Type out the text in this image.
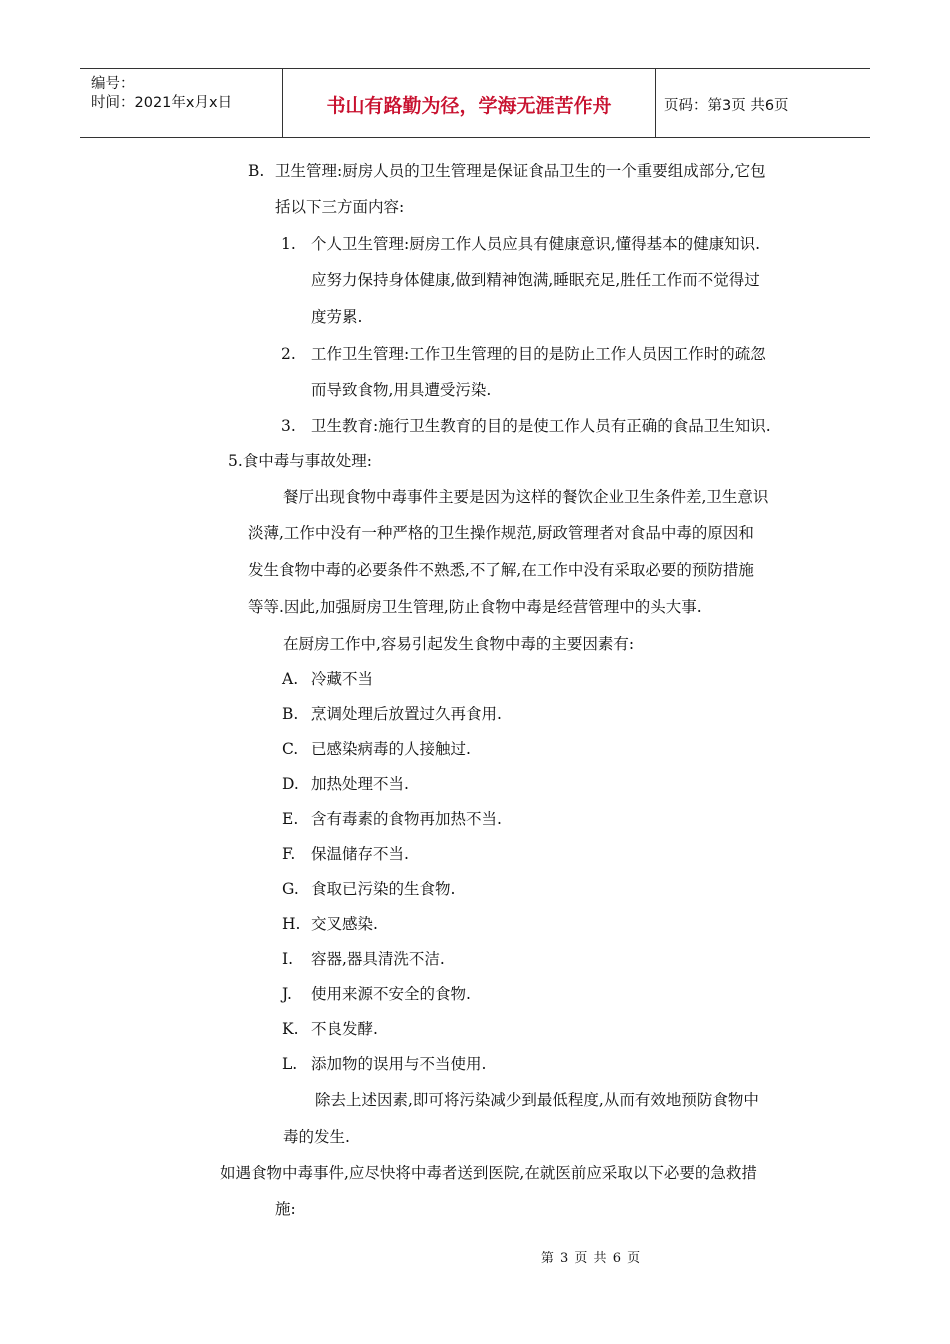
编号：
时间：2021年x月x日	书山有路勤为径，学海无涯苦作舟	页码：第3页 共6页
B. 卫生管理:厨房人员的卫生管理是保证食品卫生的一个重要组成部分,它包
括以下三方面内容:
1. 个人卫生管理:厨房工作人员应具有健康意识,懂得基本的健康知识.
应努力保持身体健康,做到精神饱满,睡眠充足,胜任工作而不觉得过
度劳累.
2. 工作卫生管理:工作卫生管理的目的是防止工作人员因工作时的疏忽
而导致食物,用具遭受污染.
3. 卫生教育:施行卫生教育的目的是使工作人员有正确的食品卫生知识.
5.食中毒与事故处理:
餐厅出现食物中毒事件主要是因为这样的餐饮企业卫生条件差,卫生意识
淡薄,工作中没有一种严格的卫生操作规范,厨政管理者对食品中毒的原因和
发生食物中毒的必要条件不熟悉,不了解,在工作中没有采取必要的预防措施
等等.因此,加强厨房卫生管理,防止食物中毒是经营管理中的头大事.
在厨房工作中,容易引起发生食物中毒的主要因素有:
A. 冷藏不当
B. 烹调处理后放置过久再食用.
C. 已感染病毒的人接触过.
D. 加热处理不当.
E. 含有毒素的食物再加热不当.
F. 保温储存不当.
G. 食取已污染的生食物.
H. 交叉感染.
I. 容器,器具清洗不洁.
J. 使用来源不安全的食物.
K. 不良发酵.
L. 添加物的误用与不当使用.
除去上述因素,即可将污染减少到最低程度,从而有效地预防食物中
毒的发生.
如遇食物中毒事件,应尽快将中毒者送到医院,在就医前应采取以下必要的急救措
施:
第 3 页 共 6 页
